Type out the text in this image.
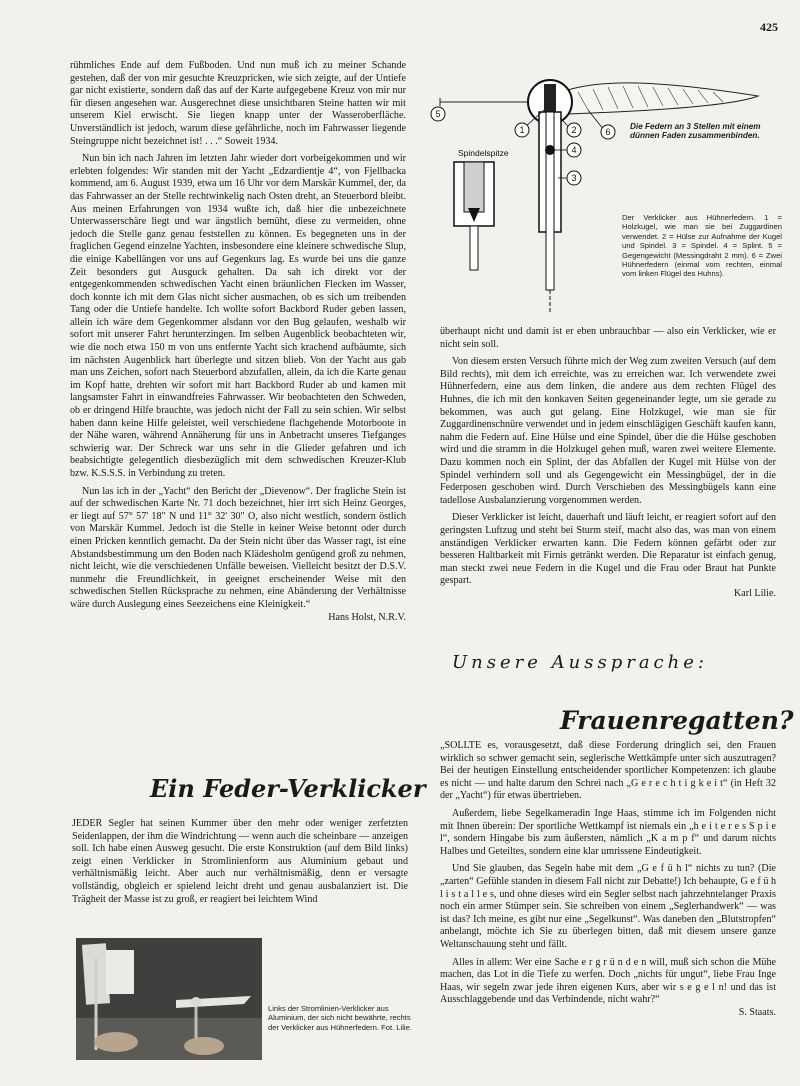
425

rühmliches Ende auf dem Fußboden. Und nun muß ich zu meiner Schande gestehen, daß der von mir gesuchte Kreuzpricken, wie sich zeigte, auf der Untiefe gar nicht existierte, sondern daß das auf der Karte aufgegebene Kreuz von mir nur für diesen angesehen war. Ausgerechnet diese unsichtbaren Steine hatten wir mit unserem Kiel erwischt. Sie liegen knapp unter der Wasseroberfläche. Unverständlich ist jedoch, warum diese gefährliche, noch im Fahrwasser liegende Steingruppe nicht bezeichnet ist! . . .“ Soweit 1934.

Nun bin ich nach Jahren im letzten Jahr wieder dort vorbeigekommen und wir erlebten folgendes: Wir standen mit der Yacht „Edzardientje 4“, von Fjellbacka kommend, am 6. August 1939, etwa um 16 Uhr vor dem Marskär Kummel, der, da das Fahrwasser an der Stelle rechtwinkelig nach Osten dreht, an Steuerbord bleibt. Aus meinen Erfahrungen von 1934 wußte ich, daß hier die unbezeichnete Unterwasserschäre liegt und war ängstlich bemüht, diese zu vermeiden, ohne jedoch die Stelle ganz genau feststellen zu können. Es begegneten uns in der fraglichen Gegend einzelne Yachten, insbesondere eine kleinere schwedische Slup, die einige Kabellängen vor uns auf Gegenkurs lag. Es wurde bei uns die ganze Zeit besonders gut Ausguck gehalten. Da sah ich direkt vor der entgegenkommenden schwedischen Yacht einen bräunlichen Flecken im Wasser, doch konnte ich mit dem Glas nicht sicher ausmachen, ob es sich um treibenden Tang oder die Untiefe handelte. Ich wollte sofort Backbord Ruder geben lassen, allein ich wäre dem Gegenkommer alsdann vor den Bug gelaufen, weshalb wir sofort mit unserer Fahrt herunterzingen. Im selben Augenblick beobachteten wir, wie die noch etwa 150 m von uns entfernte Yacht sich krachend aufbäumte, sich im nächsten Augenblick hart überlegte und sitzen blieb. Von der Yacht aus gab man uns Zeichen, sofort nach Steuerbord abzufallen, allein, da ich die Karte genau im Kopf hatte, drehten wir sofort mit hart Backbord Ruder ab und kamen mit langsamster Fahrt in einwandfreies Fahrwasser. Wir beobachteten den Schweden, ob er dringend Hilfe brauchte, was jedoch nicht der Fall zu sein schien. Wir selbst haben dann keine Hilfe geleistet, weil verschiedene flachgehende Motorboote in der Nähe waren, während Annäherung für uns in Anbetracht unseres Tiefganges schwierig war. Der Schreck war uns sehr in die Glieder gefahren und ich beabsichtigte gelegentlich diesbezüglich mit dem schwedischen Kreuzer-Klub bzw. K.S.S.S. in Verbindung zu treten.

Nun las ich in der „Yacht“ den Bericht der „Dievenow“. Der fragliche Stein ist auf der schwedischen Karte Nr. 71 doch bezeichnet, hier irrt sich Heinz Georges, er liegt auf 57° 57' 18" N und 11° 32' 30" O, also nicht westlich, sondern östlich von Marskär Kummel. Jedoch ist die Stelle in keiner Weise betonnt oder durch einen Pricken kenntlich gemacht. Da der Stein nicht über das Wasser ragt, ist eine Abstandsbestimmung um den Boden nach Klädesholm genügend groß zu nehmen, nicht leicht, wie die verschiedenen Unfälle beweisen. Vielleicht besitzt der D.S.V. nunmehr die Freundlichkeit, in geeignet erscheinender Weise mit den schwedischen Stellen Rücksprache zu nehmen, eine Abänderung der Verhältnisse wäre durch Auslegung eines Seezeichens eine Kleinigkeit.“

Hans Holst, N.R.V.
Ein Feder-Verklicker

JEDER Segler hat seinen Kummer über den mehr oder weniger zerfetzten Seidenlappen, der ihm die Windrichtung — wenn auch die scheinbare — anzeigen soll. Ich habe einen Ausweg gesucht. Die erste Konstruktion (auf dem Bild links) zeigt einen Verklicker in Stromlinienform aus Aluminium gebaut und verhältnismäßig leicht. Aber auch nur verhältnismäßig, denn er versagte vollständig, obgleich er spielend leicht dreht und genau ausbalanziert ist. Die Trägheit der Masse ist zu groß, er reagiert bei leichtem Wind

Links der Stromlinien-Verklicker aus Aluminium, der sich nicht bewährte, rechts der Verklicker aus Hühnerfedern. Fot. Lilie.
5
1	2
4
3
6
Spindelspitze
Die Federn an 3 Stellen mit einem dünnen Faden zusammenbinden.
Der Verklicker aus Hühnerfedern. 1 = Holzkugel, wie man sie bei Zuggardinen verwendet. 2 = Hülse zur Aufnahme der Kugel und Spindel. 3 = Spindel. 4 = Splint. 5 = Gegengewicht (Messingdraht 2 mm). 6 = Zwei Hühnerfedern (einmal vom rechten, einmal vom linken Flügel des Huhns).

überhaupt nicht und damit ist er eben unbrauchbar — also ein Verklicker, wie er nicht sein soll.

Von diesem ersten Versuch führte mich der Weg zum zweiten Versuch (auf dem Bild rechts), mit dem ich erreichte, was zu erreichen war. Ich verwendete zwei Hühnerfedern, eine aus dem linken, die andere aus dem rechten Flügel des Huhnes, die ich mit den konkaven Seiten gegeneinander legte, um sie gerade zu bekommen, was auch gut gelang. Eine Holzkugel, wie man sie für Zuggardinenschnüre verwendet und in jedem einschlägigen Geschäft kaufen kann, nahm die Federn auf. Eine Hülse und eine Spindel, über die die Hülse geschoben wird und die stramm in die Holzkugel gehen muß, waren zwei weitere Elemente. Dazu kommen noch ein Splint, der das Abfallen der Kugel mit Hülse von der Spindel verhindern soll und als Gegengewicht ein Messingbügel, der in die Federposen geschoben wird. Durch Verschieben des Messingbügels kann eine tadellose Ausbalanzierung vorgenommen werden.

Dieser Verklicker ist leicht, dauerhaft und läuft leicht, er reagiert sofort auf den geringsten Luftzug und steht bei Sturm steif, macht also das, was man von einem anständigen Verklicker erwarten kann. Die Federn können gefärbt oder zur besseren Haltbarkeit mit Firnis getränkt werden. Die Reparatur ist einfach genug, man steckt zwei neue Federn in die Kugel und die Frau oder Braut hat Punkte gespart.

Karl Lilie.
Unsere Aussprache:
Frauenregatten?

„SOLLTE es, vorausgesetzt, daß diese Forderung dringlich sei, den Frauen wirklich so schwer gemacht sein, seglerische Wettkämpfe unter sich auszutragen? Bei der heutigen Einstellung entscheidender sportlicher Kompetenzen: ich glaube es nicht — und halte darum den Schrei nach „G e r e c h t i g k e i t“ (in Heft 32 der „Yacht“) für etwas übertrieben.

Außerdem, liebe Segelkameradin Inge Haas, stimme ich im Folgenden nicht mit Ihnen überein: Der sportliche Wettkampf ist niemals ein „h e i t e r e s S p i e l“, sondern Hingabe bis zum äußersten, nämlich „K a m p f“ und darum nichts Halbes und Geteiltes, sondern eine klar umrissene Eindeutigkeit.

Und Sie glauben, das Segeln habe mit dem „G e f ü h l“ nichts zu tun? (Die „zarten“ Gefühle standen in diesem Fall nicht zur Debatte!) Ich behaupte, G e f ü h l i s t a l l e s, und ohne dieses wird ein Segler selbst nach jahrzehntelanger Praxis noch ein armer Stümper sein. Sie schreiben von einem „Seglerhandwerk“ — was ist das? Ich meine, es gibt nur eine „Segelkunst“. Was daneben den „Blutstropfen“ anbelangt, möchte ich Sie zu überlegen bitten, daß mit diesem unsere ganze Weltanschauung steht und fällt.

Alles in allem: Wer eine Sache e r g r ü n d e n will, muß sich schon die Mühe machen, das Lot in die Tiefe zu werfen. Doch „nichts für ungut“, liebe Frau Inge Haas, wir segeln zwar jede ihren eigenen Kurs, aber wir s e g e l n! und das ist Ausschlaggebende und das Verbindende, nicht wahr?“

S. Staats.
